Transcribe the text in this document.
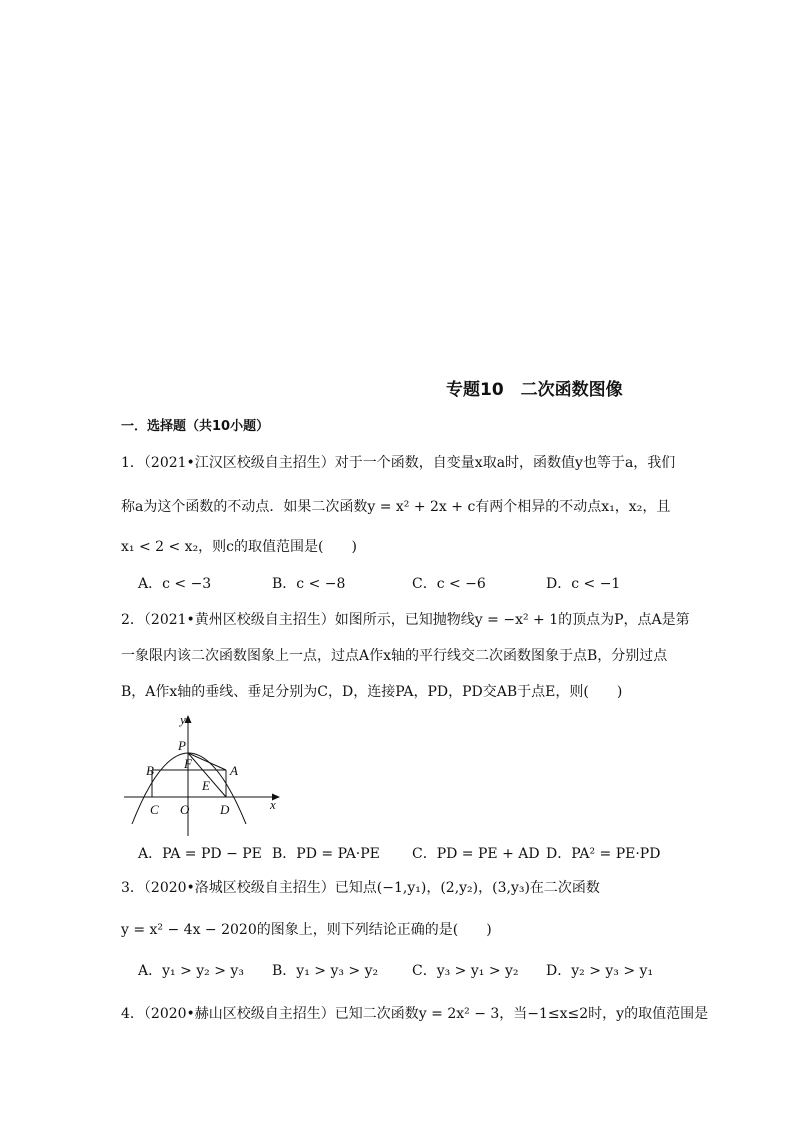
专题10　二次函数图像
一．选择题（共10小题）
1．（2021•江汉区校级自主招生）对于一个函数，自变量x取a时，函数值y也等于a，我们
称a为这个函数的不动点．如果二次函数y = x² + 2x + c有两个相异的不动点x₁，x₂，且
x₁ < 2 < x₂，则c的取值范围是(　　)
A．c < −3	B．c < −8	C．c < −6	D．c < −1
2．（2021•黄州区校级自主招生）如图所示，已知抛物线y = −x² + 1的顶点为P，点A是第
一象限内该二次函数图象上一点，过点A作x轴的平行线交二次函数图象于点B，分别过点
B，A作x轴的垂线、垂足分别为C，D，连接PA，PD，PD交AB于点E，则(　　)
y
x
P
F
B	A
E
C O D
A．PA = PD − PE B．PD = PA·PE C．PD = PE + AD D．PA² = PE·PD
3．（2020•洛城区校级自主招生）已知点(−1,y₁)，(2,y₂)，(3,y₃)在二次函数
y = x² − 4x − 2020的图象上，则下列结论正确的是(　　)
A．y₁ > y₂ > y₃ B．y₁ > y₃ > y₂ C．y₃ > y₁ > y₂ D．y₂ > y₃ > y₁
4．（2020•赫山区校级自主招生）已知二次函数y = 2x² − 3，当−1≤x≤2时，y的取值范围是
